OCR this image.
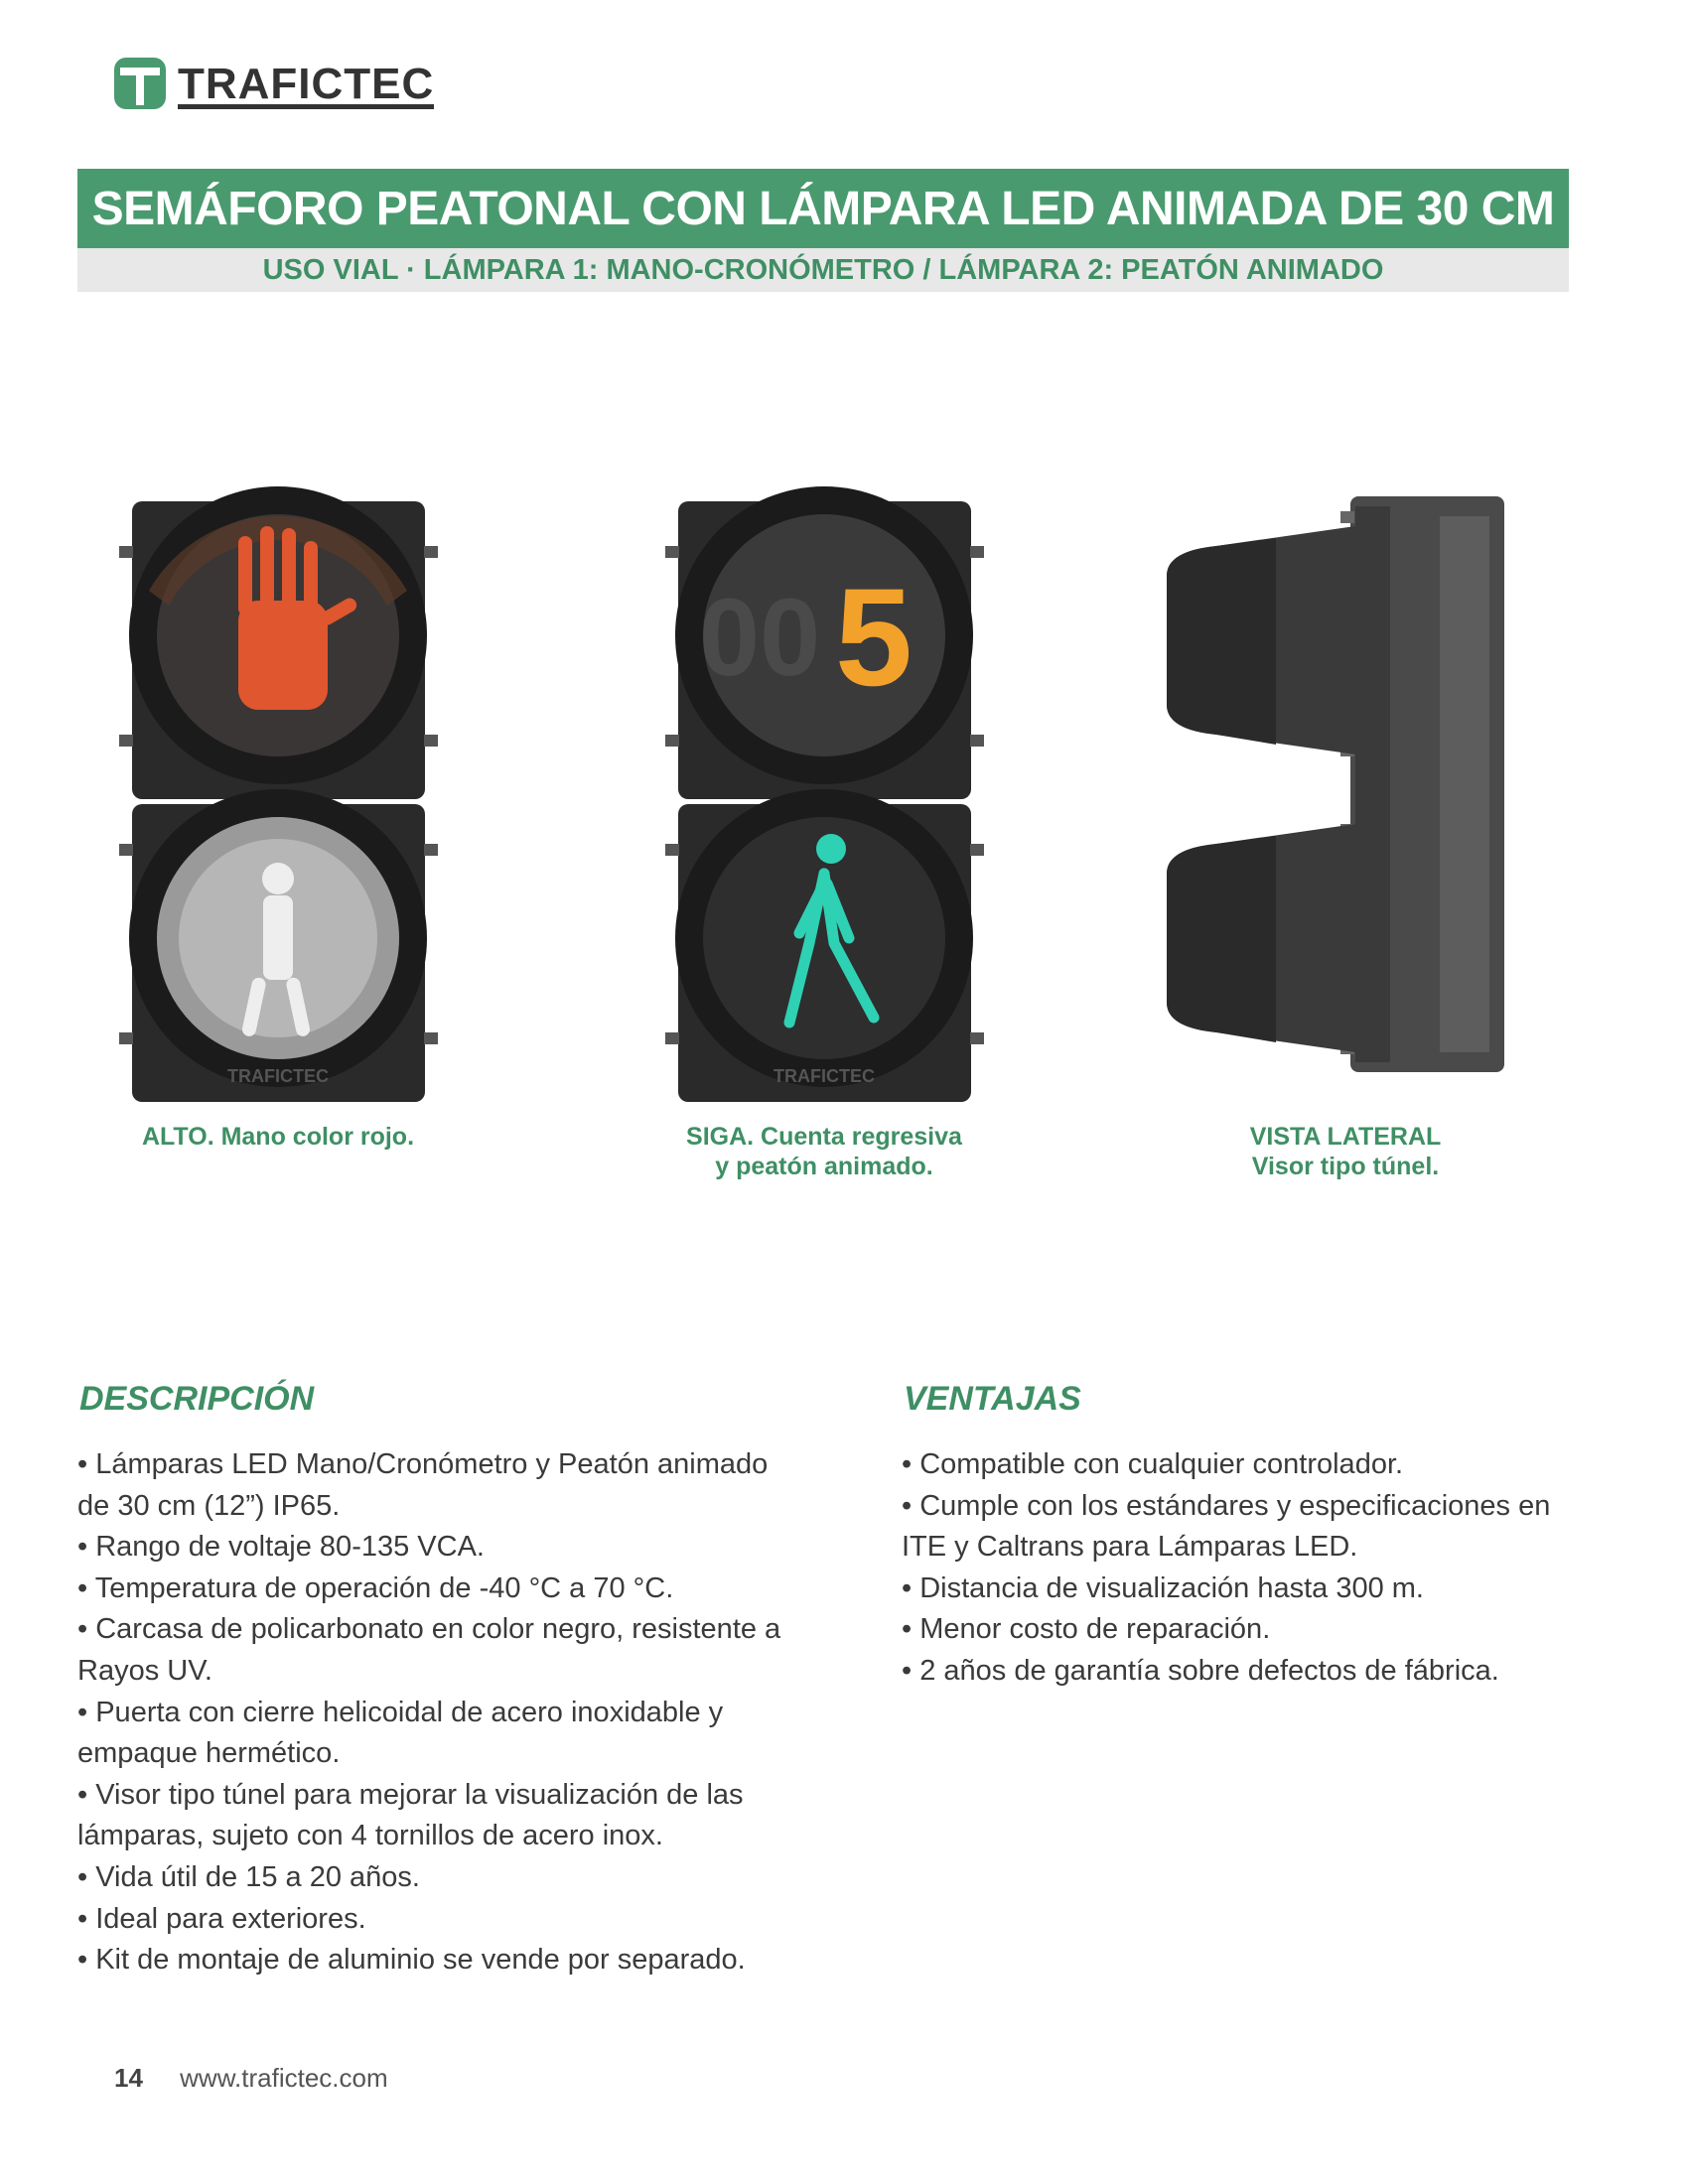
TRAFICTEC
SEMÁFORO PEATONAL CON LÁMPARA LED ANIMADA DE 30 CM
USO VIAL · LÁMPARA 1: MANO-CRONÓMETRO / LÁMPARA 2: PEATÓN ANIMADO
TRAFICTEC
00 5
TRAFICTEC
ALTO. Mano color rojo.	SIGA. Cuenta regresiva
y peatón animado.
VISTA LATERAL
Visor tipo túnel.
DESCRIPCIÓN
• Lámparas LED Mano/Cronómetro y Peatón animado de 30 cm (12”) IP65.
• Rango de voltaje 80-135 VCA.
• Temperatura de operación de -40 °C a 70 °C.
• Carcasa de policarbonato en color negro, resistente a Rayos UV.
• Puerta con cierre helicoidal de acero inoxidable y empaque hermético.
• Visor tipo túnel para mejorar la visualización de las lámparas, sujeto con 4 tornillos de acero inox.
• Vida útil de 15 a 20 años.
• Ideal para exteriores.
• Kit de montaje de aluminio se vende por separado.
VENTAJAS
• Compatible con cualquier controlador.
• Cumple con los estándares y especificaciones en ITE y Caltrans para Lámparas LED.
• Distancia de visualización hasta 300 m.
• Menor costo de reparación.
• 2 años de garantía sobre defectos de fábrica.
14 www.trafictec.com
